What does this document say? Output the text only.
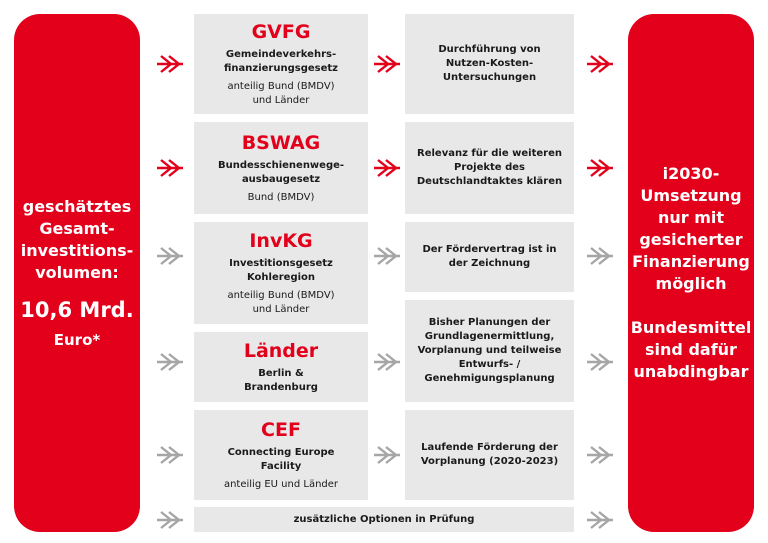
geschätztes
Gesamt-
investitions-
volumen:
10,6 Mrd.
Euro*
GVFG
Gemeindeverkehrs-
finanzierungsgesetz
anteilig Bund (BMDV)
und Länder
BSWAG
Bundesschienenwege-
ausbaugesetz
Bund (BMDV)
InvKG
Investitionsgesetz
Kohleregion
anteilig Bund (BMDV)
und Länder
Länder
Berlin &
Brandenburg
CEF
Connecting Europe
Facility
anteilig EU und Länder
Durchführung von
Nutzen-Kosten-
Untersuchungen
Relevanz für die weiteren
Projekte des
Deutschlandtaktes klären
Der Fördervertrag ist in
der Zeichnung
Bisher Planungen der
Grundlagenermittlung,
Vorplanung und teilweise
Entwurfs- /
Genehmigungsplanung
Laufende Förderung der
Vorplanung (2020-2023)
zusätzliche Optionen in Prüfung
i2030-
Umsetzung
nur mit
gesicherter
Finanzierung
möglich
Bundesmittel
sind dafür
unabdingbar
